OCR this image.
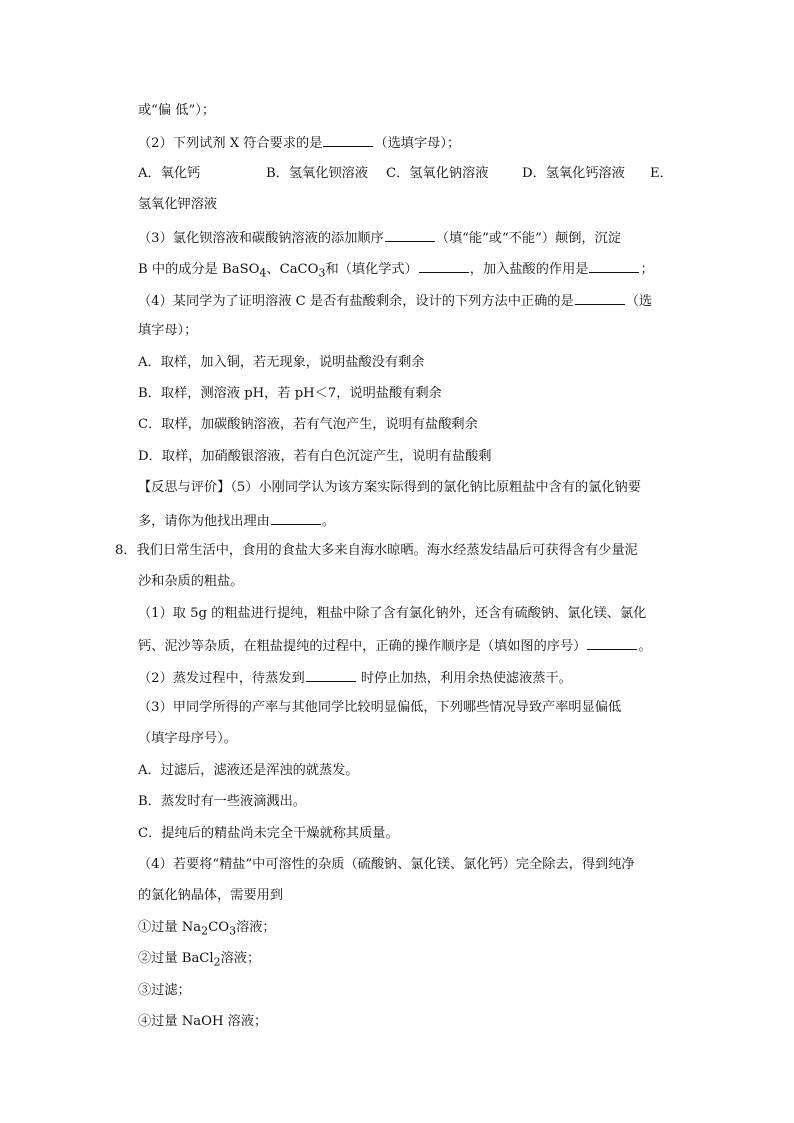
或“偏 低”）；
（2）下列试剂 X 符合要求的是	（选填字母）；
A．氧化钙	B．氢氧化钡溶液 C．氢氧化钠溶液	D．氢氧化钙溶液 E．
氢氧化钾溶液
（3）氯化钡溶液和碳酸钠溶液的添加顺序	（填“能”或“不能”）颠倒，沉淀
B 中的成分是 BaSO$_4$、CaCO$_3$和（填化学式）	，加入盐酸的作用是	；
（4）某同学为了证明溶液 C 是否有盐酸剩余，设计的下列方法中正确的是	（选
填字母）；
A．取样，加入铜，若无现象，说明盐酸没有剩余
B．取样，测溶液 pH，若 pH＜7，说明盐酸有剩余
C．取样，加碳酸钠溶液，若有气泡产生，说明有盐酸剩余
D．取样，加硝酸银溶液，若有白色沉淀产生，说明有盐酸剩
【反思与评价】（5）小刚同学认为该方案实际得到的氯化钠比原粗盐中含有的氯化钠要
多，请你为他找出理由	。
8．我们日常生活中，食用的食盐大多来自海水晾晒。海水经蒸发结晶后可获得含有少量泥
沙和杂质的粗盐。
（1）取 5g 的粗盐进行提纯，粗盐中除了含有氯化钠外，还含有硫酸钠、氯化镁、氯化
钙、泥沙等杂质，在粗盐提纯的过程中，正确的操作顺序是（填如图的序号）	。
（2）蒸发过程中，待蒸发到	时停止加热，利用余热使滤液蒸干。
（3）甲同学所得的产率与其他同学比较明显偏低，下列哪些情况导致产率明显偏低
（填字母序号）。
A．过滤后，滤液还是浑浊的就蒸发。
B．蒸发时有一些液滴溅出。
C．提纯后的精盐尚未完全干燥就称其质量。
（4）若要将“精盐”中可溶性的杂质（硫酸钠、氯化镁、氯化钙）完全除去，得到纯净
的氯化钠晶体，需要用到
①过量 $Na_2CO_3$溶液；
②过量 BaCl$_2$溶液；
③过滤；
④过量 NaOH 溶液；
